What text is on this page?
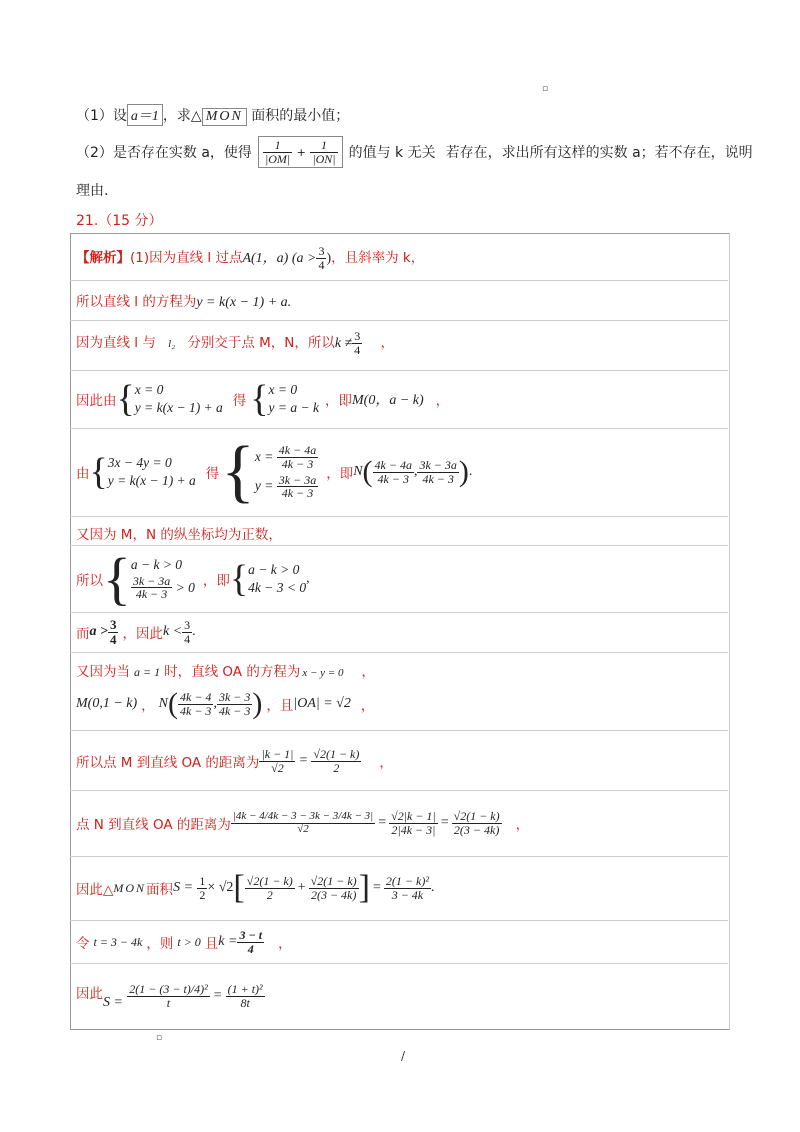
▫
（1）设 a＝1 ，求△ MON 面积的最小值；
（2）是否存在实数 a，使得 $\frac{1}{|OM|} + \frac{1}{|ON|}$ 的值与 k 无关 若存在，求出所有这样的实数 a；若不存在，说明
理由.
21.（15 分）
【解析】(1)因为直线 l 过点A(1，a) ($a > \frac{3}{4}$ )，且斜率为 k，
所以直线 l 的方程为y = k(x − 1) + a.
因为直线 l 与 l₂ 分别交于点 M，N，所以$k \ne \frac{3}{4}$ ，
因此由 { x = 0
y = k(x − 1) + a 得 { x = 0
y = a − k ，即 M(0，a − k) ，
由 { 3x − 4y = 0
y = k(x − 1) + a 得 { x =
$\frac{4k - 4a}{4k - 3}$
y =
$\frac{3k - 3a}{4k - 3}$ ，即 N ( $\frac{4k - 4a}{4k - 3}$ , $\frac{3k - 3a}{4k - 3}$ ) .
又因为 M，N 的纵坐标均为正数，
所以 { a − k > 0
$\frac{3k - 3a}{4k - 3}$
> 0 ，即 { a − k > 0
4k − 3 < 0
,
而 $a > \frac{3}{4}$ ，因此 $k < \frac{3}{4}$ .
又因为当 a = 1 时，直线 OA 的方程为 x − y = 0 ，
M(0,1 − k) ， N ( $\frac{4k - 4}{4k - 3}$ , $\frac{3k - 3}{4k - 3}$ ) ，且 |OA| = √2 ，
所以点 M 到直线 OA 的距离为 $\frac{|k - 1|}{√2} = \frac{√2(1 - k)}{2}$ ，
点 N 到直线 OA 的距离为 $\frac{|4k - 4/4k - 3 - 3k - 3/4k - 3|}{√2} = \frac{√2|k - 1|}{2|4k - 3|} = \frac{√2(1 - k)}{2(3 - 4k)}$ ，
因此△ MON 面积 S =
$\frac{1}{2} \times √2$ [ $\frac{√2(1 - k)}{2} + \frac{√2(1 - k)}{2(3 - 4k)}$ ] = $\frac{\text{2(1 − k)²}}{3 - 4k}$ .
令 t = 3 − 4k ，则 t > 0 且 $k = \frac{3 - t}{4}$ ，
因此
S =
$\frac{\text{2(1 − (3 − t)/4)²}}{t} = \frac{\text{(1 + t)²}}{8t}$
▫
/
